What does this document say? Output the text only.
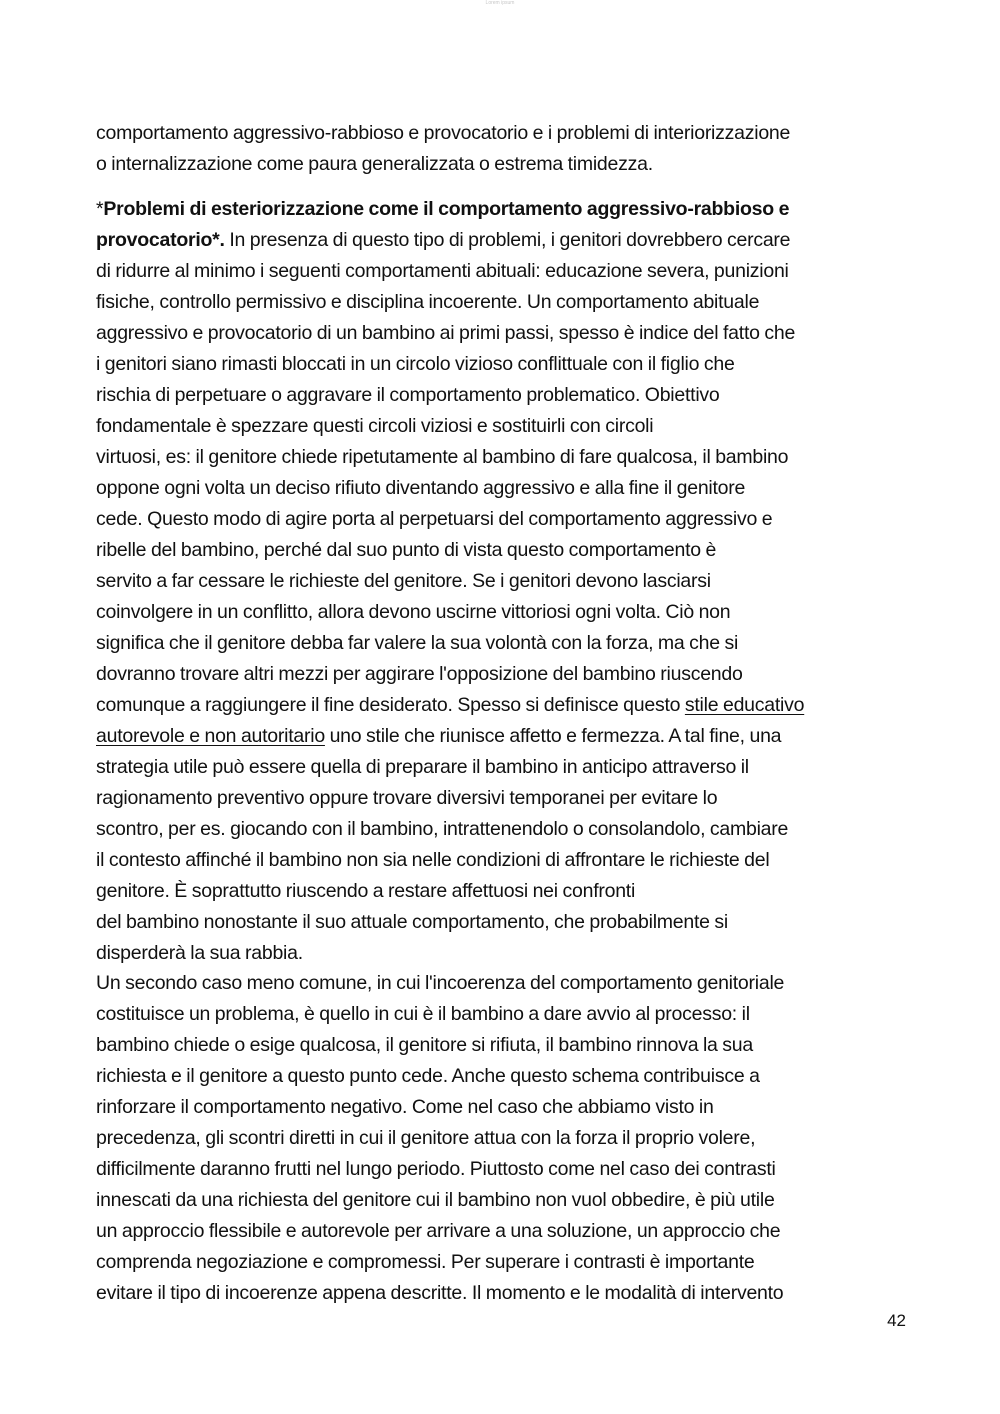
Lorem ipsum
comportamento aggressivo-rabbioso e provocatorio e i problemi di interiorizzazione
o internalizzazione come paura generalizzata o estrema timidezza.
*Problemi di esteriorizzazione come il comportamento aggressivo-rabbioso e
provocatorio*. In presenza di questo tipo di problemi, i genitori dovrebbero cercare
di ridurre al minimo i seguenti comportamenti abituali: educazione severa, punizioni
fisiche, controllo permissivo e disciplina incoerente. Un comportamento abituale
aggressivo e provocatorio di un bambino ai primi passi, spesso è indice del fatto che
i genitori siano rimasti bloccati in un circolo vizioso conflittuale con il figlio che
rischia di perpetuare o aggravare il comportamento problematico. Obiettivo
fondamentale è spezzare questi circoli viziosi e sostituirli con circoli
virtuosi, es: il genitore chiede ripetutamente al bambino di fare qualcosa, il bambino
oppone ogni volta un deciso rifiuto diventando aggressivo e alla fine il genitore
cede. Questo modo di agire porta al perpetuarsi del comportamento aggressivo e
ribelle del bambino, perché dal suo punto di vista questo comportamento è
servito a far cessare le richieste del genitore. Se i genitori devono lasciarsi
coinvolgere in un conflitto, allora devono uscirne vittoriosi ogni volta. Ciò non
significa che il genitore debba far valere la sua volontà con la forza, ma che si
dovranno trovare altri mezzi per aggirare l'opposizione del bambino riuscendo
comunque a raggiungere il fine desiderato. Spesso si definisce questo stile educativo
autorevole e non autoritario uno stile che riunisce affetto e fermezza. A tal fine, una
strategia utile può essere quella di preparare il bambino in anticipo attraverso il
ragionamento preventivo oppure trovare diversivi temporanei per evitare lo
scontro, per es. giocando con il bambino, intrattenendolo o consolandolo, cambiare
il contesto affinché il bambino non sia nelle condizioni di affrontare le richieste del
genitore. È soprattutto riuscendo a restare affettuosi nei confronti
del bambino nonostante il suo attuale comportamento, che probabilmente si
disperderà la sua rabbia.
Un secondo caso meno comune, in cui l'incoerenza del comportamento genitoriale
costituisce un problema, è quello in cui è il bambino a dare avvio al processo: il
bambino chiede o esige qualcosa, il genitore si rifiuta, il bambino rinnova la sua
richiesta e il genitore a questo punto cede. Anche questo schema contribuisce a
rinforzare il comportamento negativo. Come nel caso che abbiamo visto in
precedenza, gli scontri diretti in cui il genitore attua con la forza il proprio volere,
difficilmente daranno frutti nel lungo periodo. Piuttosto come nel caso dei contrasti
innescati da una richiesta del genitore cui il bambino non vuol obbedire, è più utile
un approccio flessibile e autorevole per arrivare a una soluzione, un approccio che
comprenda negoziazione e compromessi. Per superare i contrasti è importante
evitare il tipo di incoerenze appena descritte. Il momento e le modalità di intervento
42
